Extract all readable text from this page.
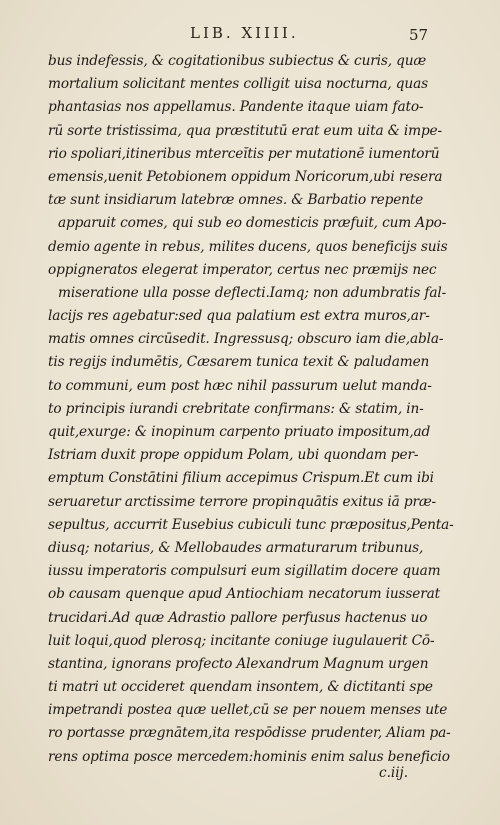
LIB. XIIII.	57
bus indefessis, & cogitationibus subiectus & curis, quæ
mortalium solicitant mentes colligit uisa nocturna, quas
phantasias nos appellamus. Pandente itaque uiam fato-
rū sorte tristissima, qua præstitutū erat eum uita & impe-
rio spoliari,itineribus mterceĭtis per mutationē iumentorū
emensis,uenit Petobionem oppidum Noricorum,ubi resera
tæ sunt insidiarum latebræ omnes. & Barbatio repente
apparuit comes, qui sub eo domesticis præfuit, cum Apo-
demio agente in rebus, milites ducens, quos beneficijs suis
oppigneratos elegerat imperator, certus nec præmijs nec
miseratione ulla posse deflecti.Iamq; non adumbratis fal-
lacijs res agebatur:sed qua palatium est extra muros,ar-
matis omnes circūsedit. Ingressusq; obscuro iam die,abla-
tis regijs indumētis, Cæsarem tunica texit & paludamen
to communi, eum post hæc nihil passurum uelut manda-
to principis iurandi crebritate confirmans: & statim, in-
quit,exurge: & inopinum carpento priuato impositum,ad
Istriam duxit prope oppidum Polam, ubi quondam per-
emptum Constātini filium accepimus Crispum.Et cum ibi
seruaretur arctissime terrore propinquātis exitus iā præ-
sepultus, accurrit Eusebius cubiculi tunc præpositus,Penta-
diusq; notarius, & Mellobaudes armaturarum tribunus,
iussu imperatoris compulsuri eum sigillatim docere quam
ob causam quenque apud Antiochiam necatorum iusserat
trucidari.Ad quæ Adrastio pallore perfusus hactenus uo
luit loqui,quod plerosq; incitante coniuge iugulauerit Cō-
stantina, ignorans profecto Alexandrum Magnum urgen
ti matri ut occideret quendam insontem, & dictitanti spe
impetrandi postea quæ uellet,cū se per nouem menses ute
ro portasse prægnātem,ita respōdisse prudenter, Aliam pa-
rens optima posce mercedem:hominis enim salus beneficio
c.iij.
